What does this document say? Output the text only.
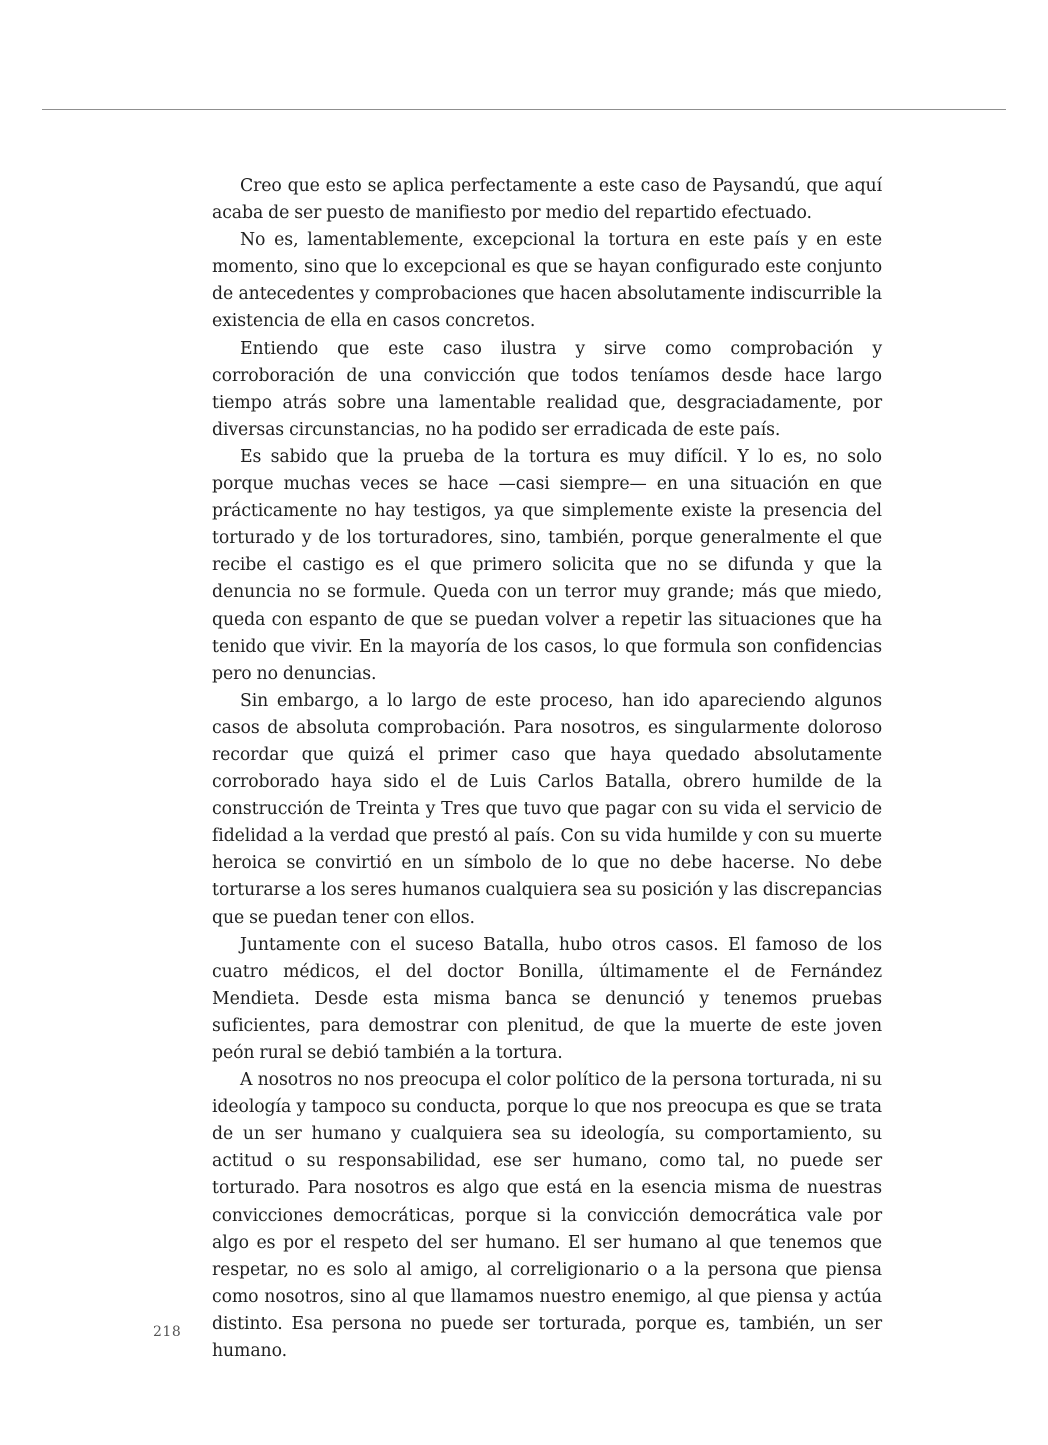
Creo que esto se aplica perfectamente a este caso de Paysandú, que aquí acaba de ser puesto de manifiesto por medio del repartido efectuado.

No es, lamentablemente, excepcional la tortura en este país y en este momento, sino que lo excepcional es que se hayan configurado este conjunto de antecedentes y comprobaciones que hacen absolutamente indiscurrible la existencia de ella en casos concretos.

Entiendo que este caso ilustra y sirve como comprobación y corroboración de una convicción que todos teníamos desde hace largo tiempo atrás sobre una lamentable realidad que, desgraciadamente, por diversas circunstancias, no ha podido ser erradicada de este país.

Es sabido que la prueba de la tortura es muy difícil. Y lo es, no solo porque muchas veces se hace —casi siempre— en una situación en que prácticamente no hay testigos, ya que simplemente existe la presencia del torturado y de los torturadores, sino, también, porque generalmente el que recibe el castigo es el que primero solicita que no se difunda y que la denuncia no se formule. Queda con un terror muy grande; más que miedo, queda con espanto de que se puedan volver a repetir las situaciones que ha tenido que vivir. En la mayoría de los casos, lo que formula son confidencias pero no denuncias.

Sin embargo, a lo largo de este proceso, han ido apareciendo algunos casos de absoluta comprobación. Para nosotros, es singularmente doloroso recordar que quizá el primer caso que haya quedado absolutamente corroborado haya sido el de Luis Carlos Batalla, obrero humilde de la construcción de Treinta y Tres que tuvo que pagar con su vida el servicio de fidelidad a la verdad que prestó al país. Con su vida humilde y con su muerte heroica se convirtió en un símbolo de lo que no debe hacerse. No debe torturarse a los seres humanos cualquiera sea su posición y las discrepancias que se puedan tener con ellos.

Juntamente con el suceso Batalla, hubo otros casos. El famoso de los cuatro médicos, el del doctor Bonilla, últimamente el de Fernández Mendieta. Desde esta misma banca se denunció y tenemos pruebas suficientes, para demostrar con plenitud, de que la muerte de este joven peón rural se debió también a la tortura.

A nosotros no nos preocupa el color político de la persona torturada, ni su ideología y tampoco su conducta, porque lo que nos preocupa es que se trata de un ser humano y cualquiera sea su ideología, su comportamiento, su actitud o su responsabilidad, ese ser humano, como tal, no puede ser torturado. Para nosotros es algo que está en la esencia misma de nuestras convicciones democráticas, porque si la convicción democrática vale por algo es por el respeto del ser humano. El ser humano al que tenemos que respetar, no es solo al amigo, al correligionario o a la persona que piensa como nosotros, sino al que llamamos nuestro enemigo, al que piensa y actúa distinto. Esa persona no puede ser torturada, porque es, también, un ser humano.

218
